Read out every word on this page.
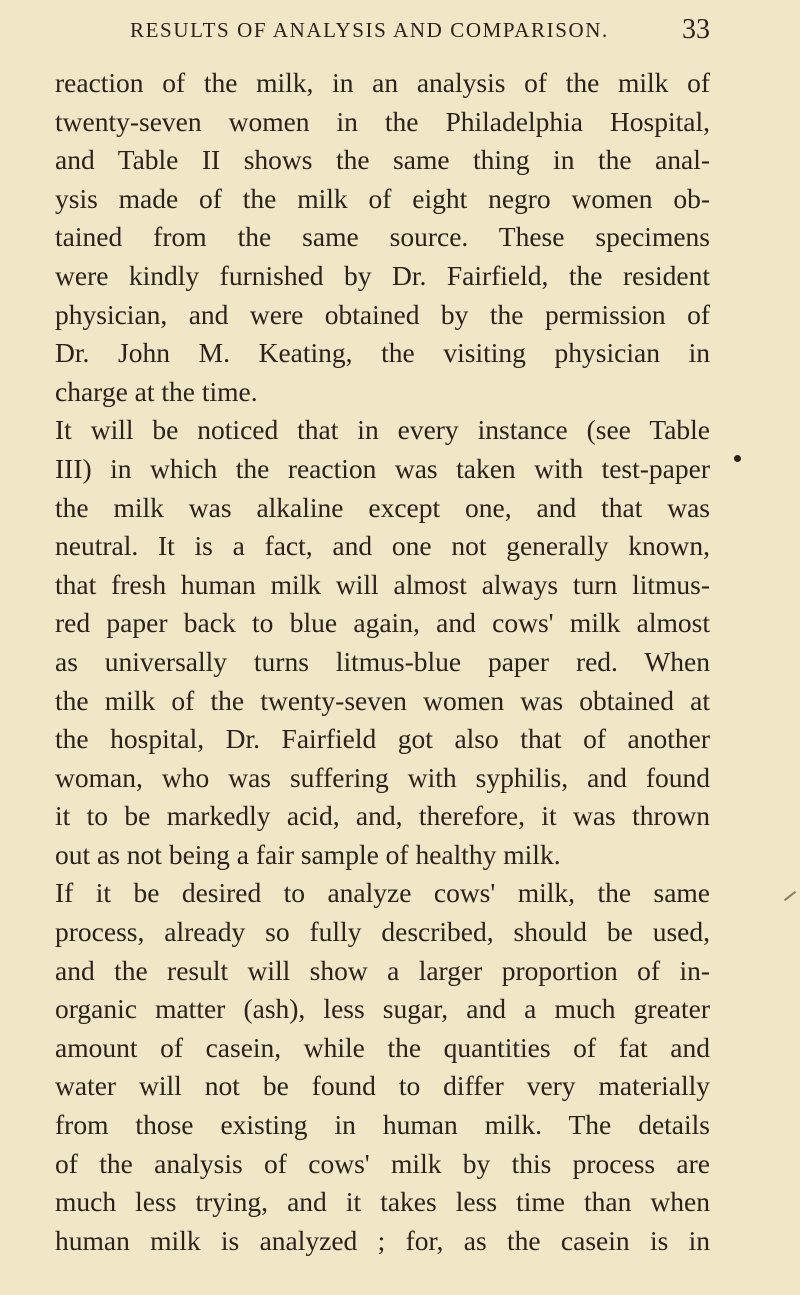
RESULTS OF ANALYSIS AND COMPARISON.	33
reaction of the milk, in an analysis of the milk of
twenty-seven women in the Philadelphia Hospital,
and Table II shows the same thing in the anal-
ysis made of the milk of eight negro women ob-
tained from the same source. These specimens
were kindly furnished by Dr. Fairfield, the resident
physician, and were obtained by the permission of
Dr. John M. Keating, the visiting physician in
charge at the time.
It will be noticed that in every instance (see Table
III) in which the reaction was taken with test-paper
the milk was alkaline except one, and that was
neutral. It is a fact, and one not generally known,
that fresh human milk will almost always turn litmus-
red paper back to blue again, and cows' milk almost
as universally turns litmus-blue paper red. When
the milk of the twenty-seven women was obtained at
the hospital, Dr. Fairfield got also that of another
woman, who was suffering with syphilis, and found
it to be markedly acid, and, therefore, it was thrown
out as not being a fair sample of healthy milk.
If it be desired to analyze cows' milk, the same
process, already so fully described, should be used,
and the result will show a larger proportion of in-
organic matter (ash), less sugar, and a much greater
amount of casein, while the quantities of fat and
water will not be found to differ very materially
from those existing in human milk. The details
of the analysis of cows' milk by this process are
much less trying, and it takes less time than when
human milk is analyzed ; for, as the casein is in
